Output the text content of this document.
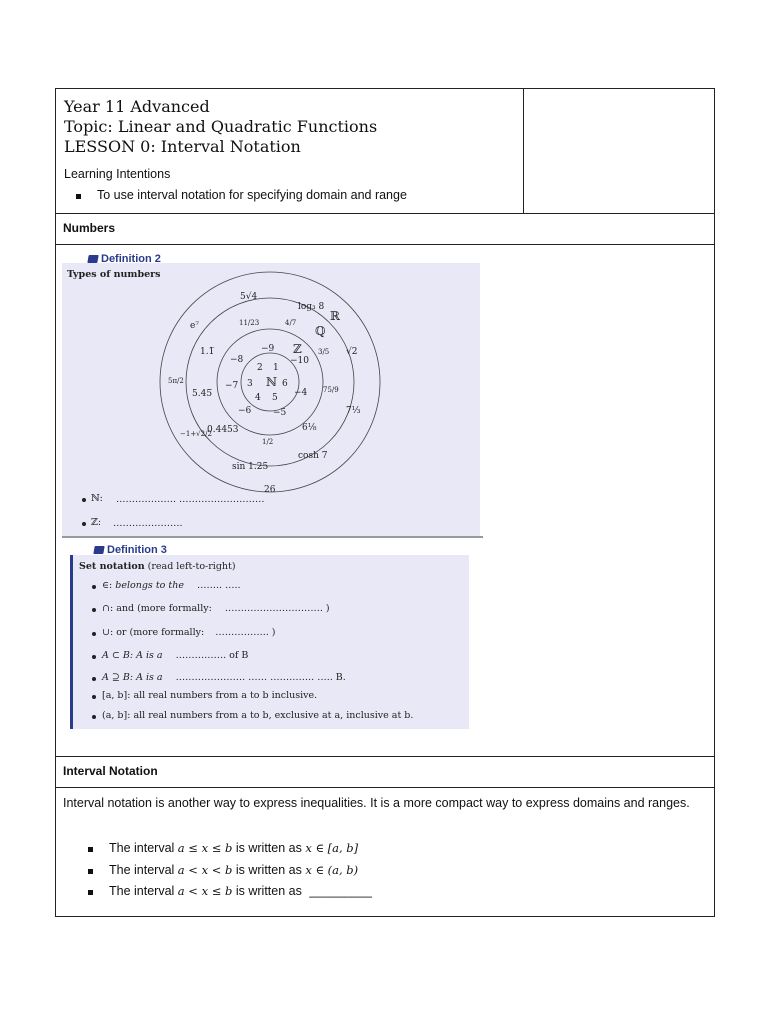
Year 11 Advanced
Topic: Linear and Quadratic Functions
LESSON 0: Interval Notation
Learning Intentions
To use interval notation for specifying domain and range
Numbers
Definition 2
Types of numbers
ℕ
3	6
2 1
4 5
ℤ
−9
−8
−7
−6 −5
−4
−10
ℚ
1.1̅
5.45̅
0.4453	6⅛
e⁷
5√4
ℝ
log₃ 8
√2
7⅓
cosh 7
sin 1.25
26
11/23	4/7
3/5
75/9
1/2
5π/2
−1+√2/2
ℕ: ………………. ………………………
ℤ: ………………….
Definition 3
Set notation (read left-to-right)
∈: belongs to the …….. …..
∩: and (more formally: …………………………. )
∪: or (more formally: …………….. )
A ⊂ B: A is a ……………. of B
A ⊇ B: A is a …………………. …… ………….. ….. B.
[a, b]: all real numbers from a to b inclusive.
(a, b]: all real numbers from a to b, exclusive at a, inclusive at b.
Interval Notation
Interval notation is another way to express inequalities. It is a more compact way to express domains and ranges.
The interval a ≤ x ≤ b is written as x ∈ [a, b]
The interval a < x < b is written as x ∈ (a, b)
The interval a < x ≤ b is written as _________
